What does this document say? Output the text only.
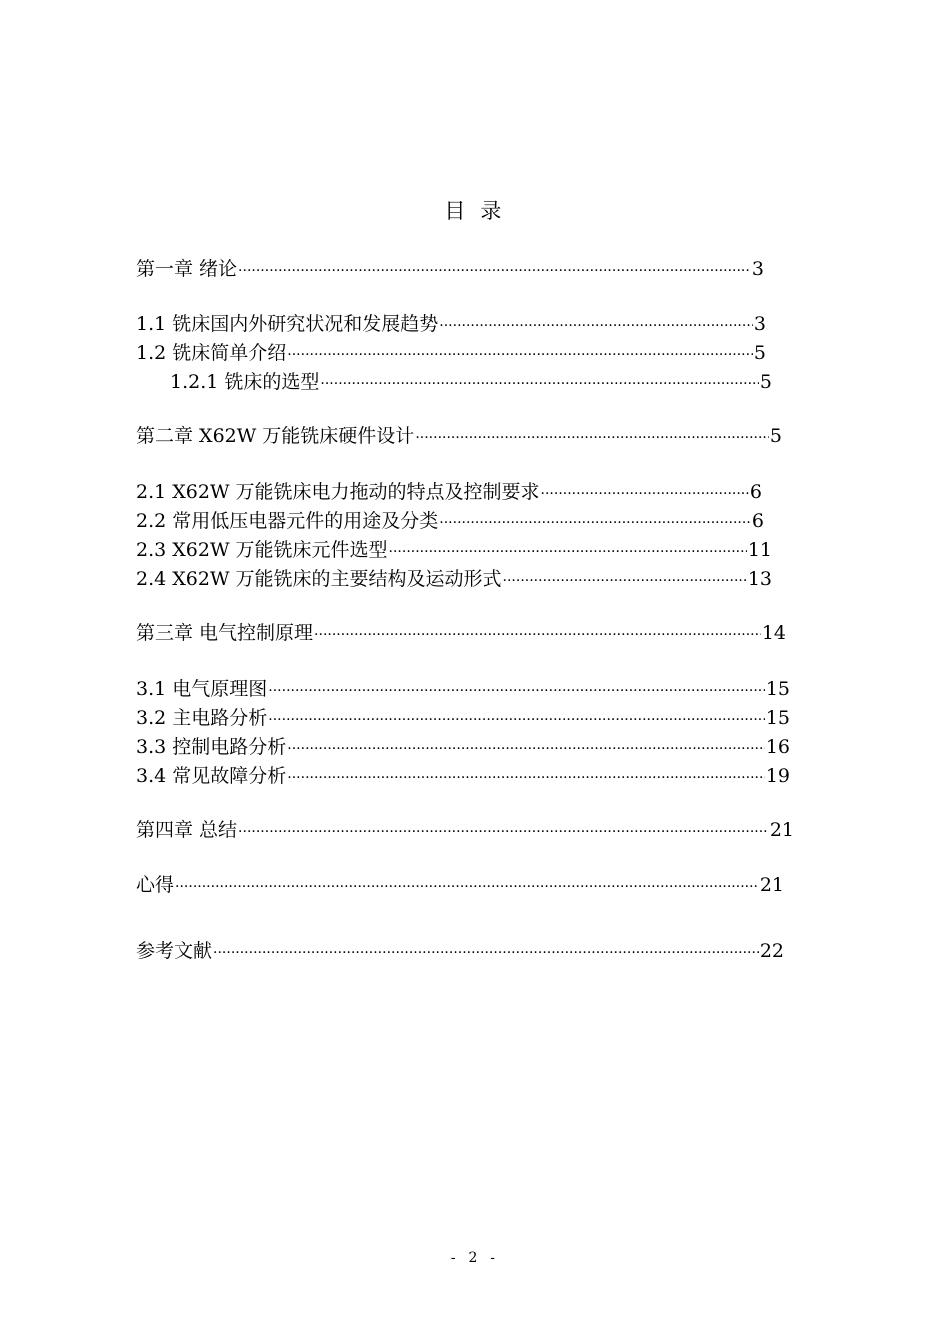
目 录
第一章 绪论 ·····	3
1.1 铣床国内外研究状况和发展趋势 ·····	3
1.2 铣床简单介绍 ·····	5
1.2.1 铣床的选型 ·····	5
第二章 X62W 万能铣床硬件设计 ·····	5
2.1 X62W 万能铣床电力拖动的特点及控制要求 ·····	6
2.2 常用低压电器元件的用途及分类 ·····	6
2.3 X62W 万能铣床元件选型 ·····	11
2.4 X62W 万能铣床的主要结构及运动形式 ·····	13
第三章 电气控制原理 ·····	14
3.1 电气原理图 ·····	15
3.2 主电路分析 ·····	15
3.3 控制电路分析 ·····	16
3.4 常见故障分析 ·····	19
第四章 总结 ·····	21
心得 ·····	21
参考文献 ·····	22
- 2 -
